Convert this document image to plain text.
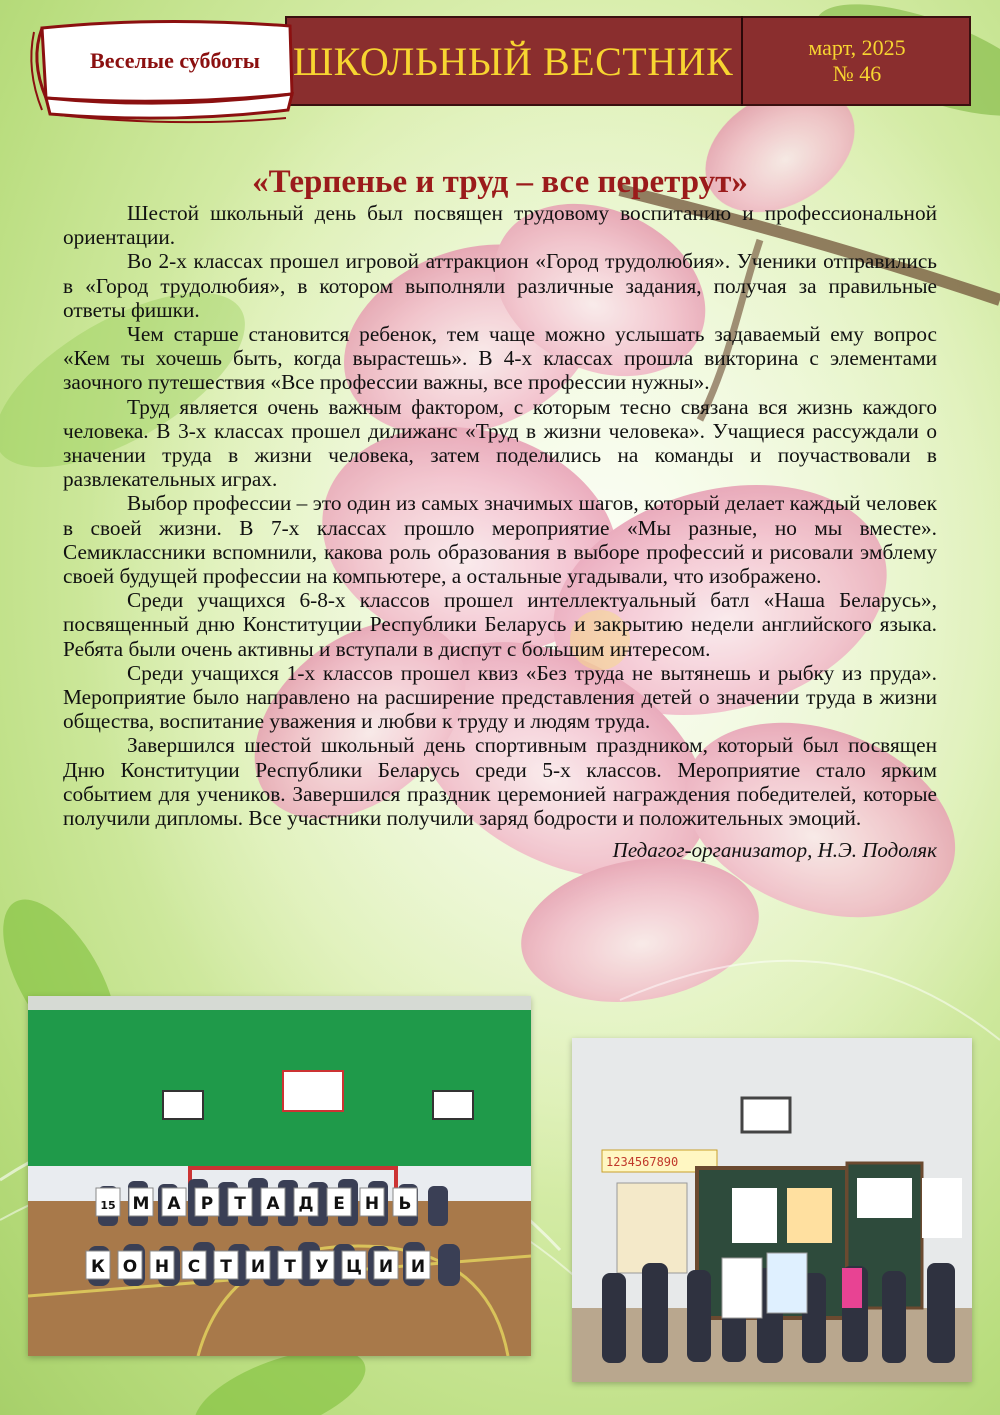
ШКОЛЬНЫЙ ВЕСТНИК	март, 2025
№ 46
Веселые субботы
«Терпенье и труд – все перетрут»

Шестой школьный день был посвящен трудовому воспитанию и профессиональной ориентации.

Во 2-х классах прошел игровой аттракцион «Город трудолюбия». Ученики отправились в «Город трудолюбия», в котором выполняли различные задания, получая за правильные ответы фишки.

Чем старше становится ребенок, тем чаще можно услышать задаваемый ему вопрос «Кем ты хочешь быть, когда вырастешь». В 4-х классах прошла викторина с элементами заочного путешествия «Все профессии важны, все профессии нужны».

Труд является очень важным фактором, с которым тесно связана вся жизнь каждого человека. В 3-х классах прошел дилижанс «Труд в жизни человека». Учащиеся рассуждали о значении труда в жизни человека, затем поделились на команды и поучаствовали в развлекательных играх.

Выбор профессии – это один из самых значимых шагов, который делает каждый человек в своей жизни. В 7-х классах прошло мероприятие «Мы разные, но мы вместе». Семиклассники вспомнили, какова роль образования в выборе профессий и рисовали эмблему своей будущей профессии на компьютере, а остальные угадывали, что изображено.

Среди учащихся 6-8-х классов прошел интеллектуальный батл «Наша Беларусь», посвященный дню Конституции Республики Беларусь и закрытию недели английского языка. Ребята были очень активны и вступали в диспут с большим интересом.

Среди учащихся 1-х классов прошел квиз «Без труда не вытянешь и рыбку из пруда». Мероприятие было направлено на расширение представления детей о значении труда в жизни общества, воспитание уважения и любви к труду и людям труда.

Завершился шестой школьный день спортивным праздником, который был посвящен Дню Конституции Республики Беларусь среди 5-х классов. Мероприятие стало ярким событием для учеников. Завершился праздник церемонией награждения победителей, которые получили дипломы. Все участники получили заряд бодрости и положительных эмоций.

Педагог-организатор, Н.Э. Подоляк
15 М А Р Т А Д Е Н Ь
К О Н С Т И Т У Ц И И
1234567890
